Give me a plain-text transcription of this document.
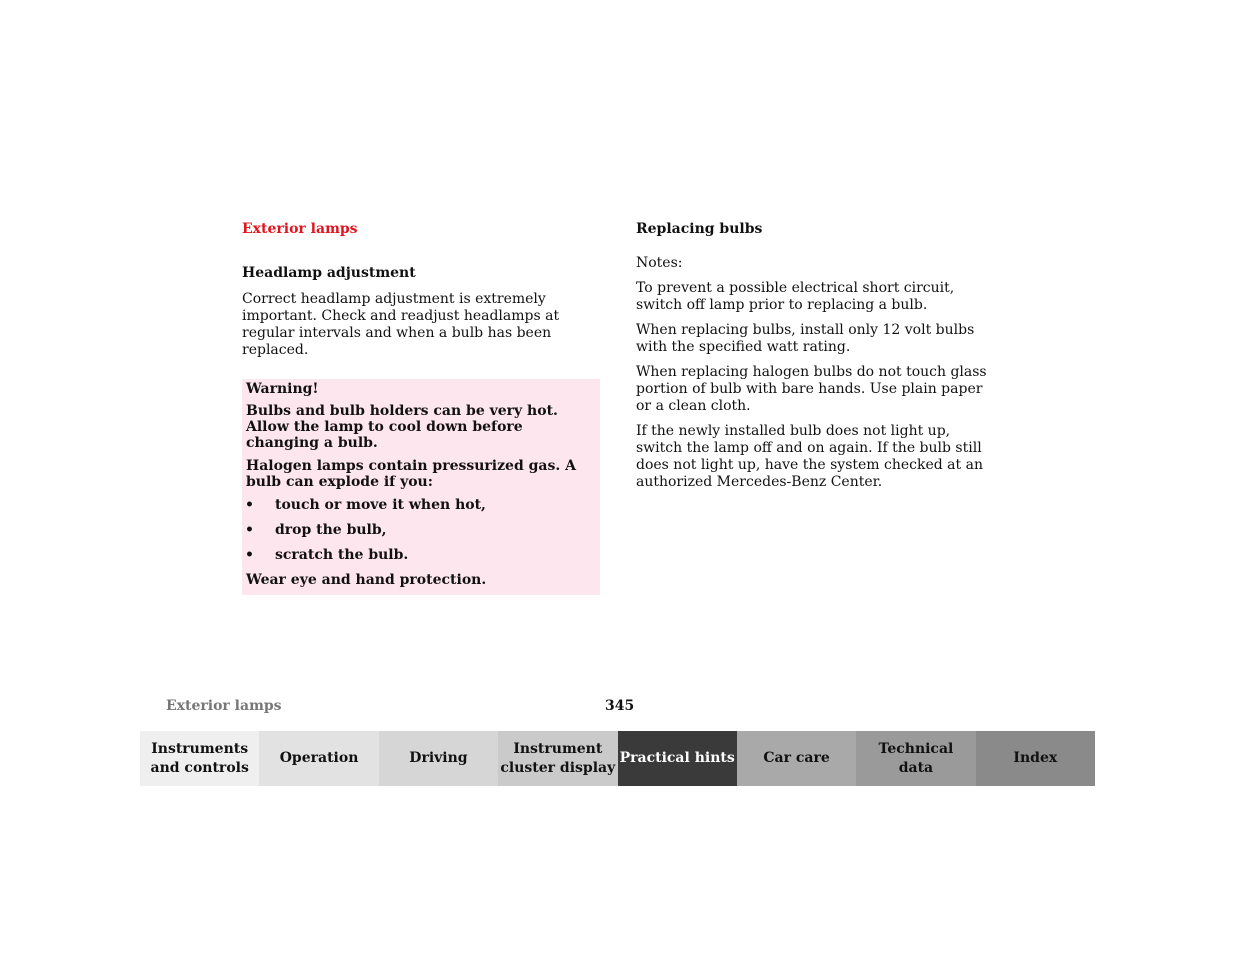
Exterior lamps
Headlamp adjustment

Correct headlamp adjustment is extremely important. Check and readjust headlamps at regular intervals and when a bulb has been replaced.

Warning!
Bulbs and bulb holders can be very hot. Allow the lamp to cool down before changing a bulb.
Halogen lamps contain pressurized gas. A bulb can explode if you:
• touch or move it when hot,
• drop the bulb,
• scratch the bulb.
Wear eye and hand protection.
Replacing bulbs

Notes:

To prevent a possible electrical short circuit, switch off lamp prior to replacing a bulb.

When replacing bulbs, install only 12 volt bulbs with the specified watt rating.

When replacing halogen bulbs do not touch glass portion of bulb with bare hands. Use plain paper or a clean cloth.

If the newly installed bulb does not light up, switch the lamp off and on again. If the bulb still does not light up, have the system checked at an authorized Mercedes-Benz Center.

Exterior lamps	345
Instruments
and controls
Operation	Driving
Instrument
cluster display
Practical hints Car care
Technical
data
Index
